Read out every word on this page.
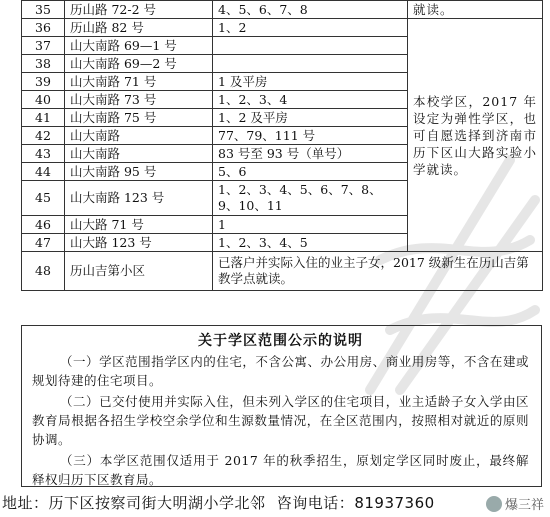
35	历山路 72-2 号	4、5、6、7、8	就读。
36	历山路 82 号	1、2	本校学区，2017 年设定为弹性学区，也可自愿选择到济南市历下区山大路实验小学就读。
37	山大南路 69—1 号		
38	山大南路 69—2 号		
39	山大南路 71 号	1 及平房	
40	山大南路 73 号	1、2、3、4	
41	山大南路 75 号	1、2 及平房	
42	山大南路	77、79、111 号	
43	山大南路	83 号至 93 号（单号）	
44	山大南路 95 号	5、6	
45	山大南路 123 号	1、2、3、4、5、6、7、8、9、10、11	
46	山大路 71 号	1	
47	山大路 123 号	1、2、3、4、5	
48	历山吉第小区	已落户并实际入住的业主子女，2017 级新生在历山吉第教学点就读。	
关于学区范围公示的说明

（一）学区范围指学区内的住宅，不含公寓、办公用房、商业用房等，不含在建或规划待建的住宅项目。

（二）已交付使用并实际入住，但未列入学区的住宅项目，业主适龄子女入学由区教育局根据各招生学校空余学位和生源数量情况，在全区范围内，按照相对就近的原则协调。

（三）本学区范围仅适用于 2017 年的秋季招生，原划定学区同时废止，最终解释权归历下区教育局。

地址：历下区按察司街大明湖小学北邻 咨询电话：81937360	爆三祥
